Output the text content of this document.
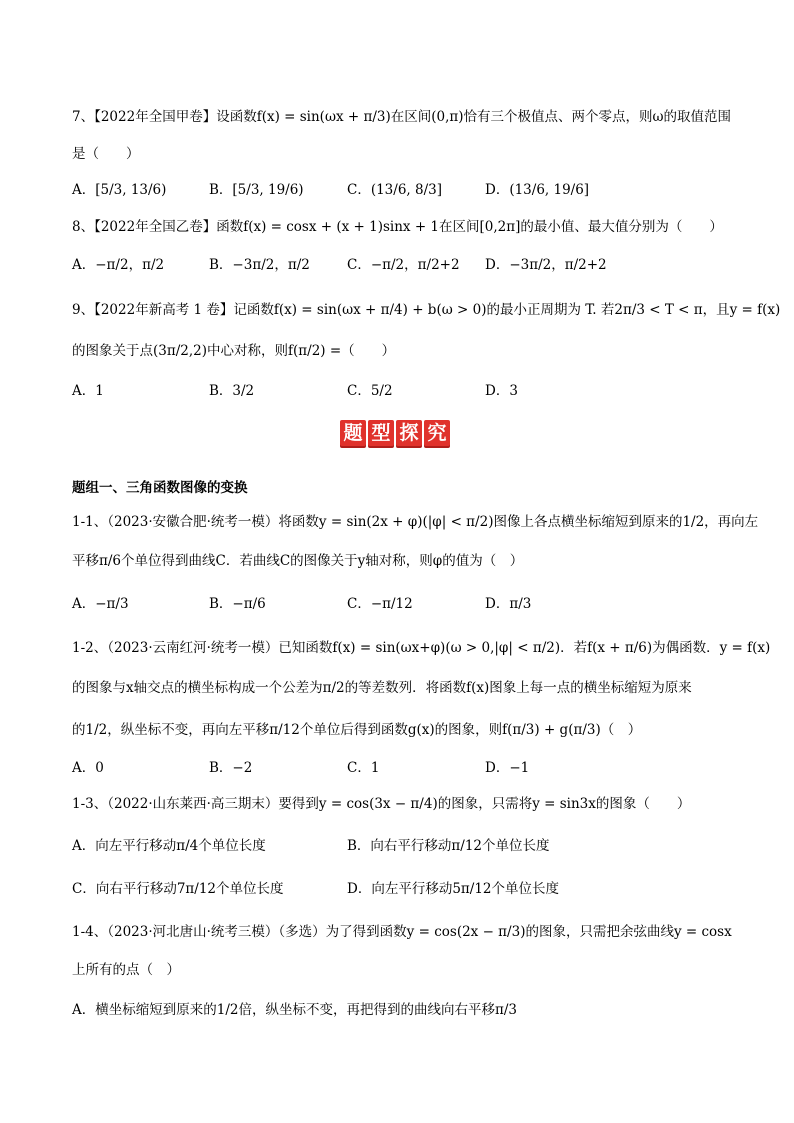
7、【2022年全国甲卷】设函数f(x) = sin(ωx + π/3)在区间(0,π)恰有三个极值点、两个零点，则ω的取值范围
是（　　）
A．[5/3, 13/6)	B．[5/3, 19/6)	C．(13/6, 8/3]	D．(13/6, 19/6]
8、【2022年全国乙卷】函数f(x) = cosx + (x + 1)sinx + 1在区间[0,2π]的最小值、最大值分别为（　　）
A．−π/2，π/2	B．−3π/2，π/2	C．−π/2，π/2+2 D．−3π/2，π/2+2
9、【2022年新高考 1 卷】记函数f(x) = sin(ωx + π/4) + b(ω > 0)的最小正周期为 T. 若2π/3 < T < π，且y = f(x)
的图象关于点(3π/2,2)中心对称，则f(π/2) =（　　）
A．1	B．3/2	C．5/2	D．3
题 型 探 究
题组一、三角函数图像的变换
1-1、（2023·安徽合肥·统考一模）将函数y = sin(2x + φ)(|φ| < π/2)图像上各点横坐标缩短到原来的1/2，再向左
平移π/6个单位得到曲线C．若曲线C的图像关于y轴对称，则φ的值为（　）
A．−π/3	B．−π/6	C．−π/12	D．π/3
1-2、（2023·云南红河·统考一模）已知函数f(x) = sin(ωx+φ)(ω > 0,|φ| < π/2)．若f(x + π/6)为偶函数．y = f(x)
的图象与x轴交点的横坐标构成一个公差为π/2的等差数列．将函数f(x)图象上每一点的横坐标缩短为原来
的1/2，纵坐标不变，再向左平移π/12个单位后得到函数g(x)的图象，则f(π/3) + g(π/3)（　）
A．0	B．−2	C．1	D．−1
1-3、（2022·山东莱西·高三期末）要得到y = cos(3x − π/4)的图象，只需将y = sin3x的图象（　　）
A．向左平行移动π/4个单位长度	B．向右平行移动π/12个单位长度
C．向右平行移动7π/12个单位长度	D．向左平行移动5π/12个单位长度
1-4、（2023·河北唐山·统考三模）（多选）为了得到函数y = cos(2x − π/3)的图象，只需把余弦曲线y = cosx
上所有的点（　）
A．横坐标缩短到原来的1/2倍，纵坐标不变，再把得到的曲线向右平移π/3
